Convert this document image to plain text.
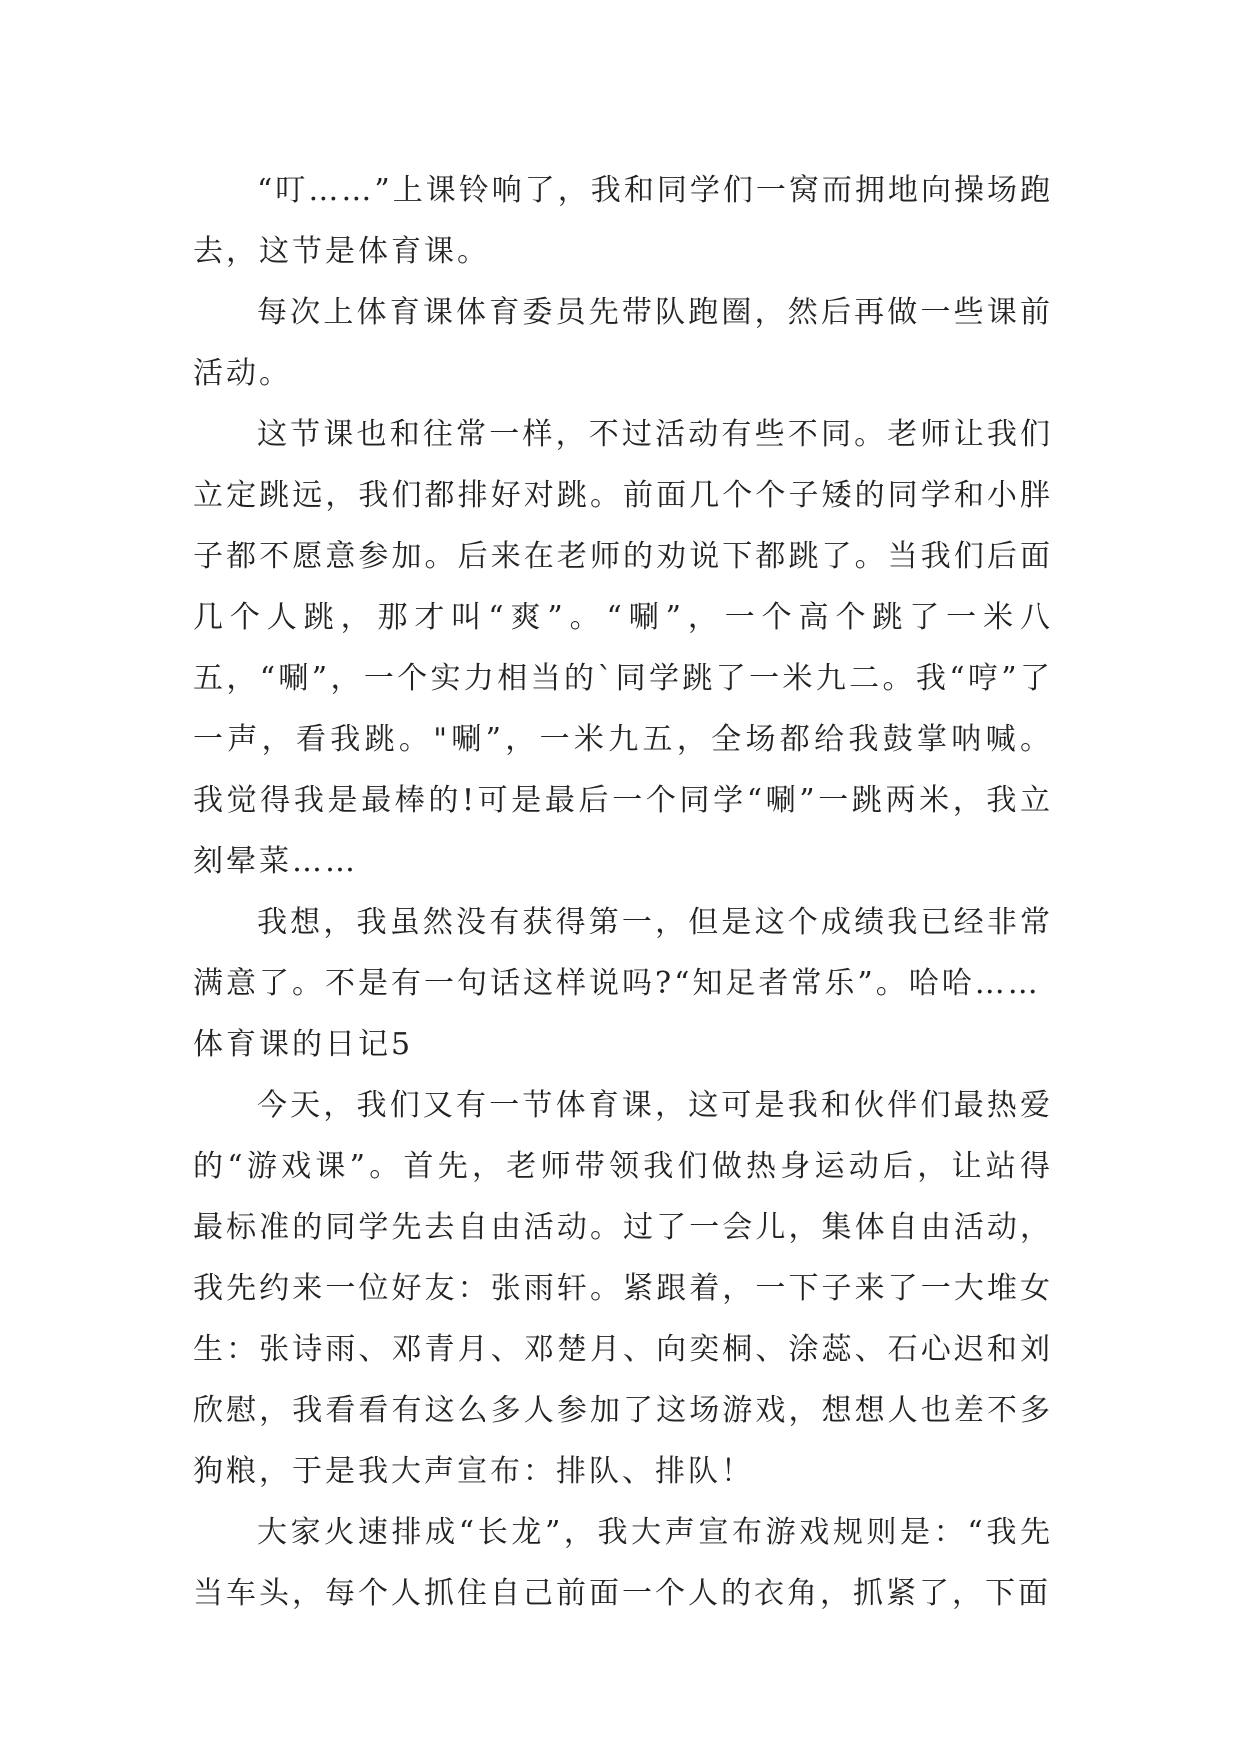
“叮……”上课铃响了，我和同学们一窝而拥地向操场跑去，这节是体育课。

每次上体育课体育委员先带队跑圈，然后再做一些课前活动。

这节课也和往常一样，不过活动有些不同。老师让我们立定跳远，我们都排好对跳。前面几个个子矮的同学和小胖子都不愿意参加。后来在老师的劝说下都跳了。当我们后面几个人跳，那才叫“爽”。“唰”，一个高个跳了一米八五，“唰”，一个实力相当的`同学跳了一米九二。我“哼”了一声，看我跳。"唰”，一米九五，全场都给我鼓掌呐喊。我觉得我是最棒的!可是最后一个同学“唰”一跳两米，我立刻晕菜……

我想，我虽然没有获得第一，但是这个成绩我已经非常满意了。不是有一句话这样说吗?“知足者常乐”。哈哈……

体育课的日记5

今天，我们又有一节体育课，这可是我和伙伴们最热爱的“游戏课”。首先，老师带领我们做热身运动后，让站得最标准的同学先去自由活动。过了一会儿，集体自由活动，我先约来一位好友：张雨轩。紧跟着，一下子来了一大堆女生：张诗雨、邓青月、邓楚月、向奕桐、涂蕊、石心迟和刘欣慰，我看看有这么多人参加了这场游戏，想想人也差不多狗粮，于是我大声宣布：排队、排队！

大家火速排成“长龙”，我大声宣布游戏规则是：“我先当车头，每个人抓住自己前面一个人的衣角，抓紧了，下面
